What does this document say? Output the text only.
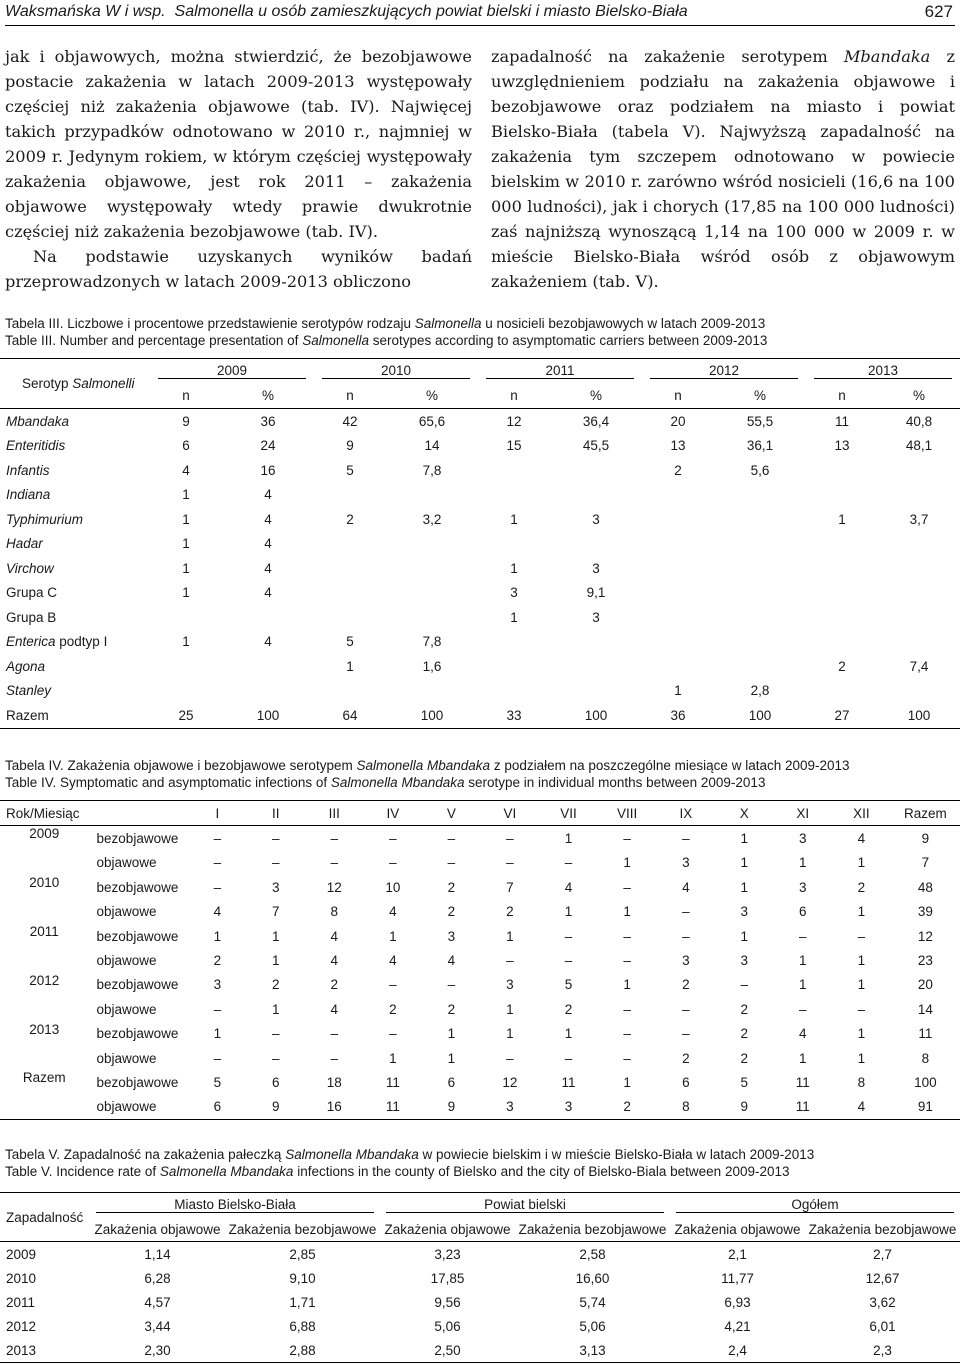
Waksmańska W i wsp. Salmonella u osób zamieszkujących powiat bielski i miasto Bielsko-Biała	627

jak i objawowych, można stwierdzić, że bezobjawowe postacie zakażenia w latach 2009-2013 występowały częściej niż zakażenia objawowe (tab. IV). Najwięcej takich przypadków odnotowano w 2010 r., najmniej w 2009 r. Jedynym rokiem, w którym częściej występowały zakażenia objawowe, jest rok 2011 – zakażenia objawowe występowały wtedy prawie dwukrotnie częściej niż zakażenia bezobjawowe (tab. IV).

Na podstawie uzyskanych wyników badań przeprowadzonych w latach 2009-2013 obliczono

zapadalność na zakażenie serotypem Mbandaka z uwzględnieniem podziału na zakażenia objawowe i bezobjawowe oraz podziałem na miasto i powiat Bielsko-Biała (tabela V). Najwyższą zapadalność na zakażenia tym szczepem odnotowano w powiecie bielskim w 2010 r. zarówno wśród nosicieli (16,6 na 100 000 ludności), jak i chorych (17,85 na 100 000 ludności) zaś najniższą wynoszącą 1,14 na 100 000 w 2009 r. w mieście Bielsko-Biała wśród osób z objawowym zakażeniem (tab. V).

Tabela III. Liczbowe i procentowe przedstawienie serotypów rodzaju Salmonella u nosicieli bezobjawowych w latach 2009-2013
Table III. Number and percentage presentation of Salmonella serotypes according to asymptomatic carriers between 2009-2013
Serotyp Salmonelli	2009		2010		2011		2012		2013	

	n	%	n	%	n	%	n	%	n	%
Mbandaka	9	36	42	65,6	12	36,4	20	55,5	11	40,8
Enteritidis	6	24	9	14	15	45,5	13	36,1	13	48,1
Infantis	4	16	5	7,8			2	5,6		
Indiana	1	4								
Typhimurium	1	4	2	3,2	1	3			1	3,7
Hadar	1	4								
Virchow	1	4			1	3				
Grupa C	1	4			3	9,1				
Grupa B					1	3				
Enterica podtyp I	1	4	5	7,8						
Agona			1	1,6					2	7,4
Stanley							1	2,8		
Razem	25	100	64	100	33	100	36	100	27	100
Tabela IV. Zakażenia objawowe i bezobjawowe serotypem Salmonella Mbandaka z podziałem na poszczególne miesiące w latach 2009-2013
Table IV. Symptomatic and asymptomatic infections of Salmonella Mbandaka serotype in individual months between 2009-2013
Rok/Miesiąc		I	II	III	IV	V	VI	VII	VIII	IX	X	XI	XII	Razem
2009	bezobjawowe	–	–	–	–	–	–	1	–	–	1	3	4	9
	objawowe	–	–	–	–	–	–	–	1	3	1	1	1	7
2010	bezobjawowe	–	3	12	10	2	7	4	–	4	1	3	2	48
	objawowe	4	7	8	4	2	2	1	1	–	3	6	1	39
2011	bezobjawowe	1	1	4	1	3	1	–	–	–	1	–	–	12
	objawowe	2	1	4	4	4	–	–	–	3	3	1	1	23
2012	bezobjawowe	3	2	2	–	–	3	5	1	2	–	1	1	20
	objawowe	–	1	4	2	2	1	2	–	–	2	–	–	14
2013	bezobjawowe	1	–	–	–	1	1	1	–	–	2	4	1	11
	objawowe	–	–	–	1	1	–	–	–	2	2	1	1	8
Razem	bezobjawowe	5	6	18	11	6	12	11	1	6	5	11	8	100
	objawowe	6	9	16	11	9	3	3	2	8	9	11	4	91
Tabela V. Zapadalność na zakażenia pałeczką Salmonella Mbandaka w powiecie bielskim i w mieście Bielsko-Biała w latach 2009-2013
Table V. Incidence rate of Salmonella Mbandaka infections in the county of Bielsko and the city of Bielsko-Biala between 2009-2013
Zapadalność	Miasto Bielsko-Biała		Powiat bielski		Ogółem	

	Zakażenia objawowe	Zakażenia bezobjawowe	Zakażenia objawowe	Zakażenia bezobjawowe	Zakażenia objawowe	Zakażenia bezobjawowe
2009	1,14	2,85	3,23	2,58	2,1	2,7
2010	6,28	9,10	17,85	16,60	11,77	12,67
2011	4,57	1,71	9,56	5,74	6,93	3,62
2012	3,44	6,88	5,06	5,06	4,21	6,01
2013	2,30	2,88	2,50	3,13	2,4	2,3
